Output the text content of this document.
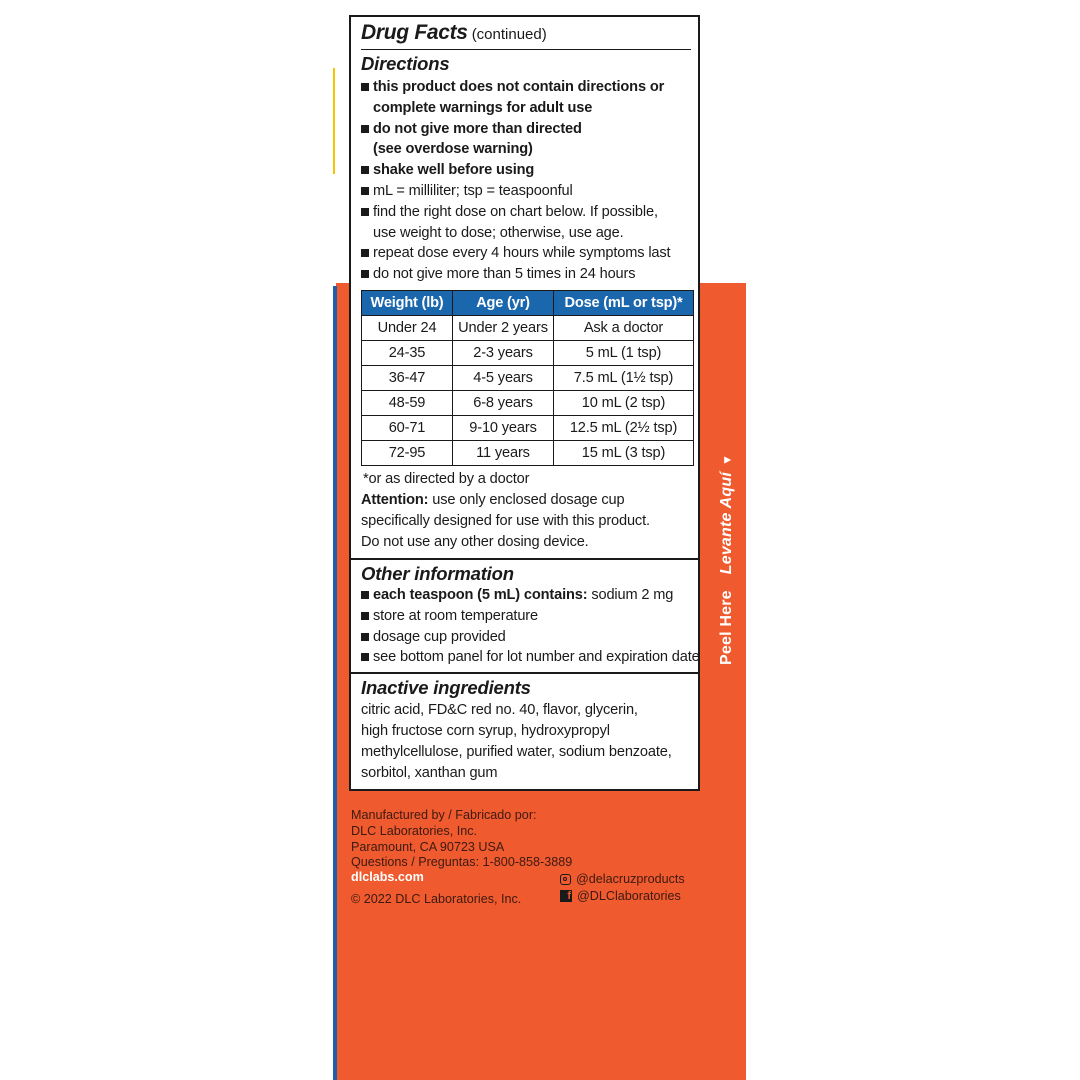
Drug Facts (continued)
Directions
this product does not contain directions or
complete warnings for adult use
do not give more than directed
(see overdose warning)
shake well before using
mL = milliliter; tsp = teaspoonful
find the right dose on chart below. If possible,
use weight to dose; otherwise, use age.
repeat dose every 4 hours while symptoms last
do not give more than 5 times in 24 hours
Weight (lb)	Age (yr)	Dose (mL or tsp)*
Under 24	Under 2 years	Ask a doctor
24-35	2-3 years	5 mL (1 tsp)
36-47	4-5 years	7.5 mL (1½ tsp)
48-59	6-8 years	10 mL (2 tsp)
60-71	9-10 years	12.5 mL (2½ tsp)
72-95	11 years	15 mL (3 tsp)
*or as directed by a doctor
Attention: use only enclosed dosage cup
specifically designed for use with this product.
Do not use any other dosing device.
Other information
each teaspoon (5 mL) contains: sodium 2 mg
store at room temperature
dosage cup provided
see bottom panel for lot number and expiration date
Inactive ingredients
citric acid, FD&C red no. 40, flavor, glycerin,
high fructose corn syrup, hydroxypropyl
methylcellulose, purified water, sodium benzoate,
sorbitol, xanthan gum
Manufactured by / Fabricado por:
DLC Laboratories, Inc.
Paramount, CA 90723 USA
Questions / Preguntas: 1-800-858-3889
dlclabs.com
© 2022 DLC Laboratories, Inc.
@delacruzproducts
f @DLClaboratories
Peel HereLevante Aquí▼
